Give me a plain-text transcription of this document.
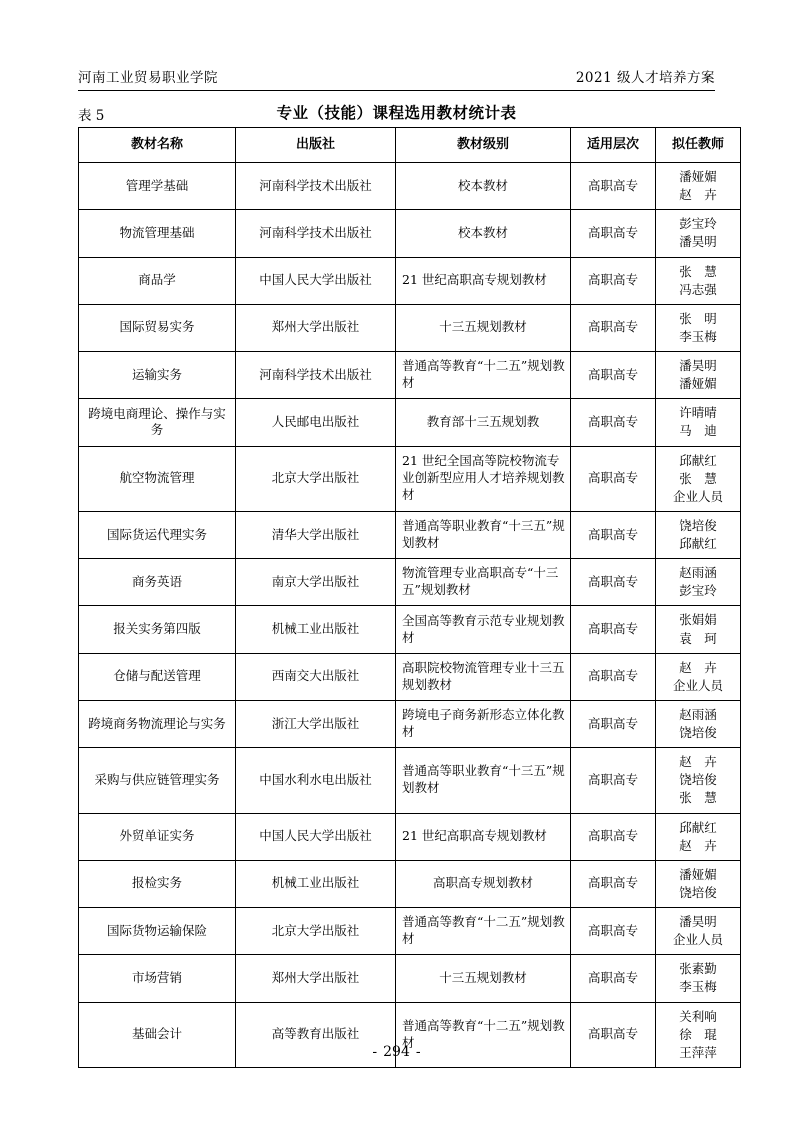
河南工业贸易职业学院	2021 级人才培养方案
表 5	专业（技能）课程选用教材统计表
教材名称	出版社	教材级别	适用层次	拟任教师
管理学基础	河南科学技术出版社	校本教材	高职高专	潘娅媚
赵　卉

物流管理基础	河南科学技术出版社	校本教材	高职高专	彭宝玲
潘昊明

商品学	中国人民大学出版社	21 世纪高职高专规划教材	高职高专	张　慧
冯志强

国际贸易实务	郑州大学出版社	十三五规划教材	高职高专	张　明
李玉梅

运输实务	河南科学技术出版社	普通高等教育“十二五”规划教材	高职高专	潘昊明
潘娅媚

跨境电商理论、操作与实务	人民邮电出版社	教育部十三五规划教	高职高专	许晴晴
马　迪

航空物流管理	北京大学出版社	21 世纪全国高等院校物流专业创新型应用人才培养规划教材	高职高专	邱献红
张　慧
企业人员

国际货运代理实务	清华大学出版社	普通高等职业教育“十三五”规划教材	高职高专	饶培俊
邱献红

商务英语	南京大学出版社	物流管理专业高职高专“十三五”规划教材	高职高专	赵雨涵
彭宝玲

报关实务第四版	机械工业出版社	全国高等教育示范专业规划教材	高职高专	张娟娟
袁　珂

仓储与配送管理	西南交大出版社	高职院校物流管理专业十三五规划教材	高职高专	赵　卉
企业人员

跨境商务物流理论与实务	浙江大学出版社	跨境电子商务新形态立体化教材	高职高专	赵雨涵
饶培俊

采购与供应链管理实务	中国水利水电出版社	普通高等职业教育“十三五”规划教材	高职高专	赵　卉
饶培俊
张　慧

外贸单证实务	中国人民大学出版社	21 世纪高职高专规划教材	高职高专	邱献红
赵　卉

报检实务	机械工业出版社	高职高专规划教材	高职高专	潘娅媚
饶培俊

国际货物运输保险	北京大学出版社	普通高等教育“十二五”规划教材	高职高专	潘昊明
企业人员

市场营销	郑州大学出版社	十三五规划教材	高职高专	张素勤
李玉梅

基础会计	高等教育出版社	普通高等教育“十二五”规划教材	高职高专	关利响
徐　琨
王萍萍
- 294 -
